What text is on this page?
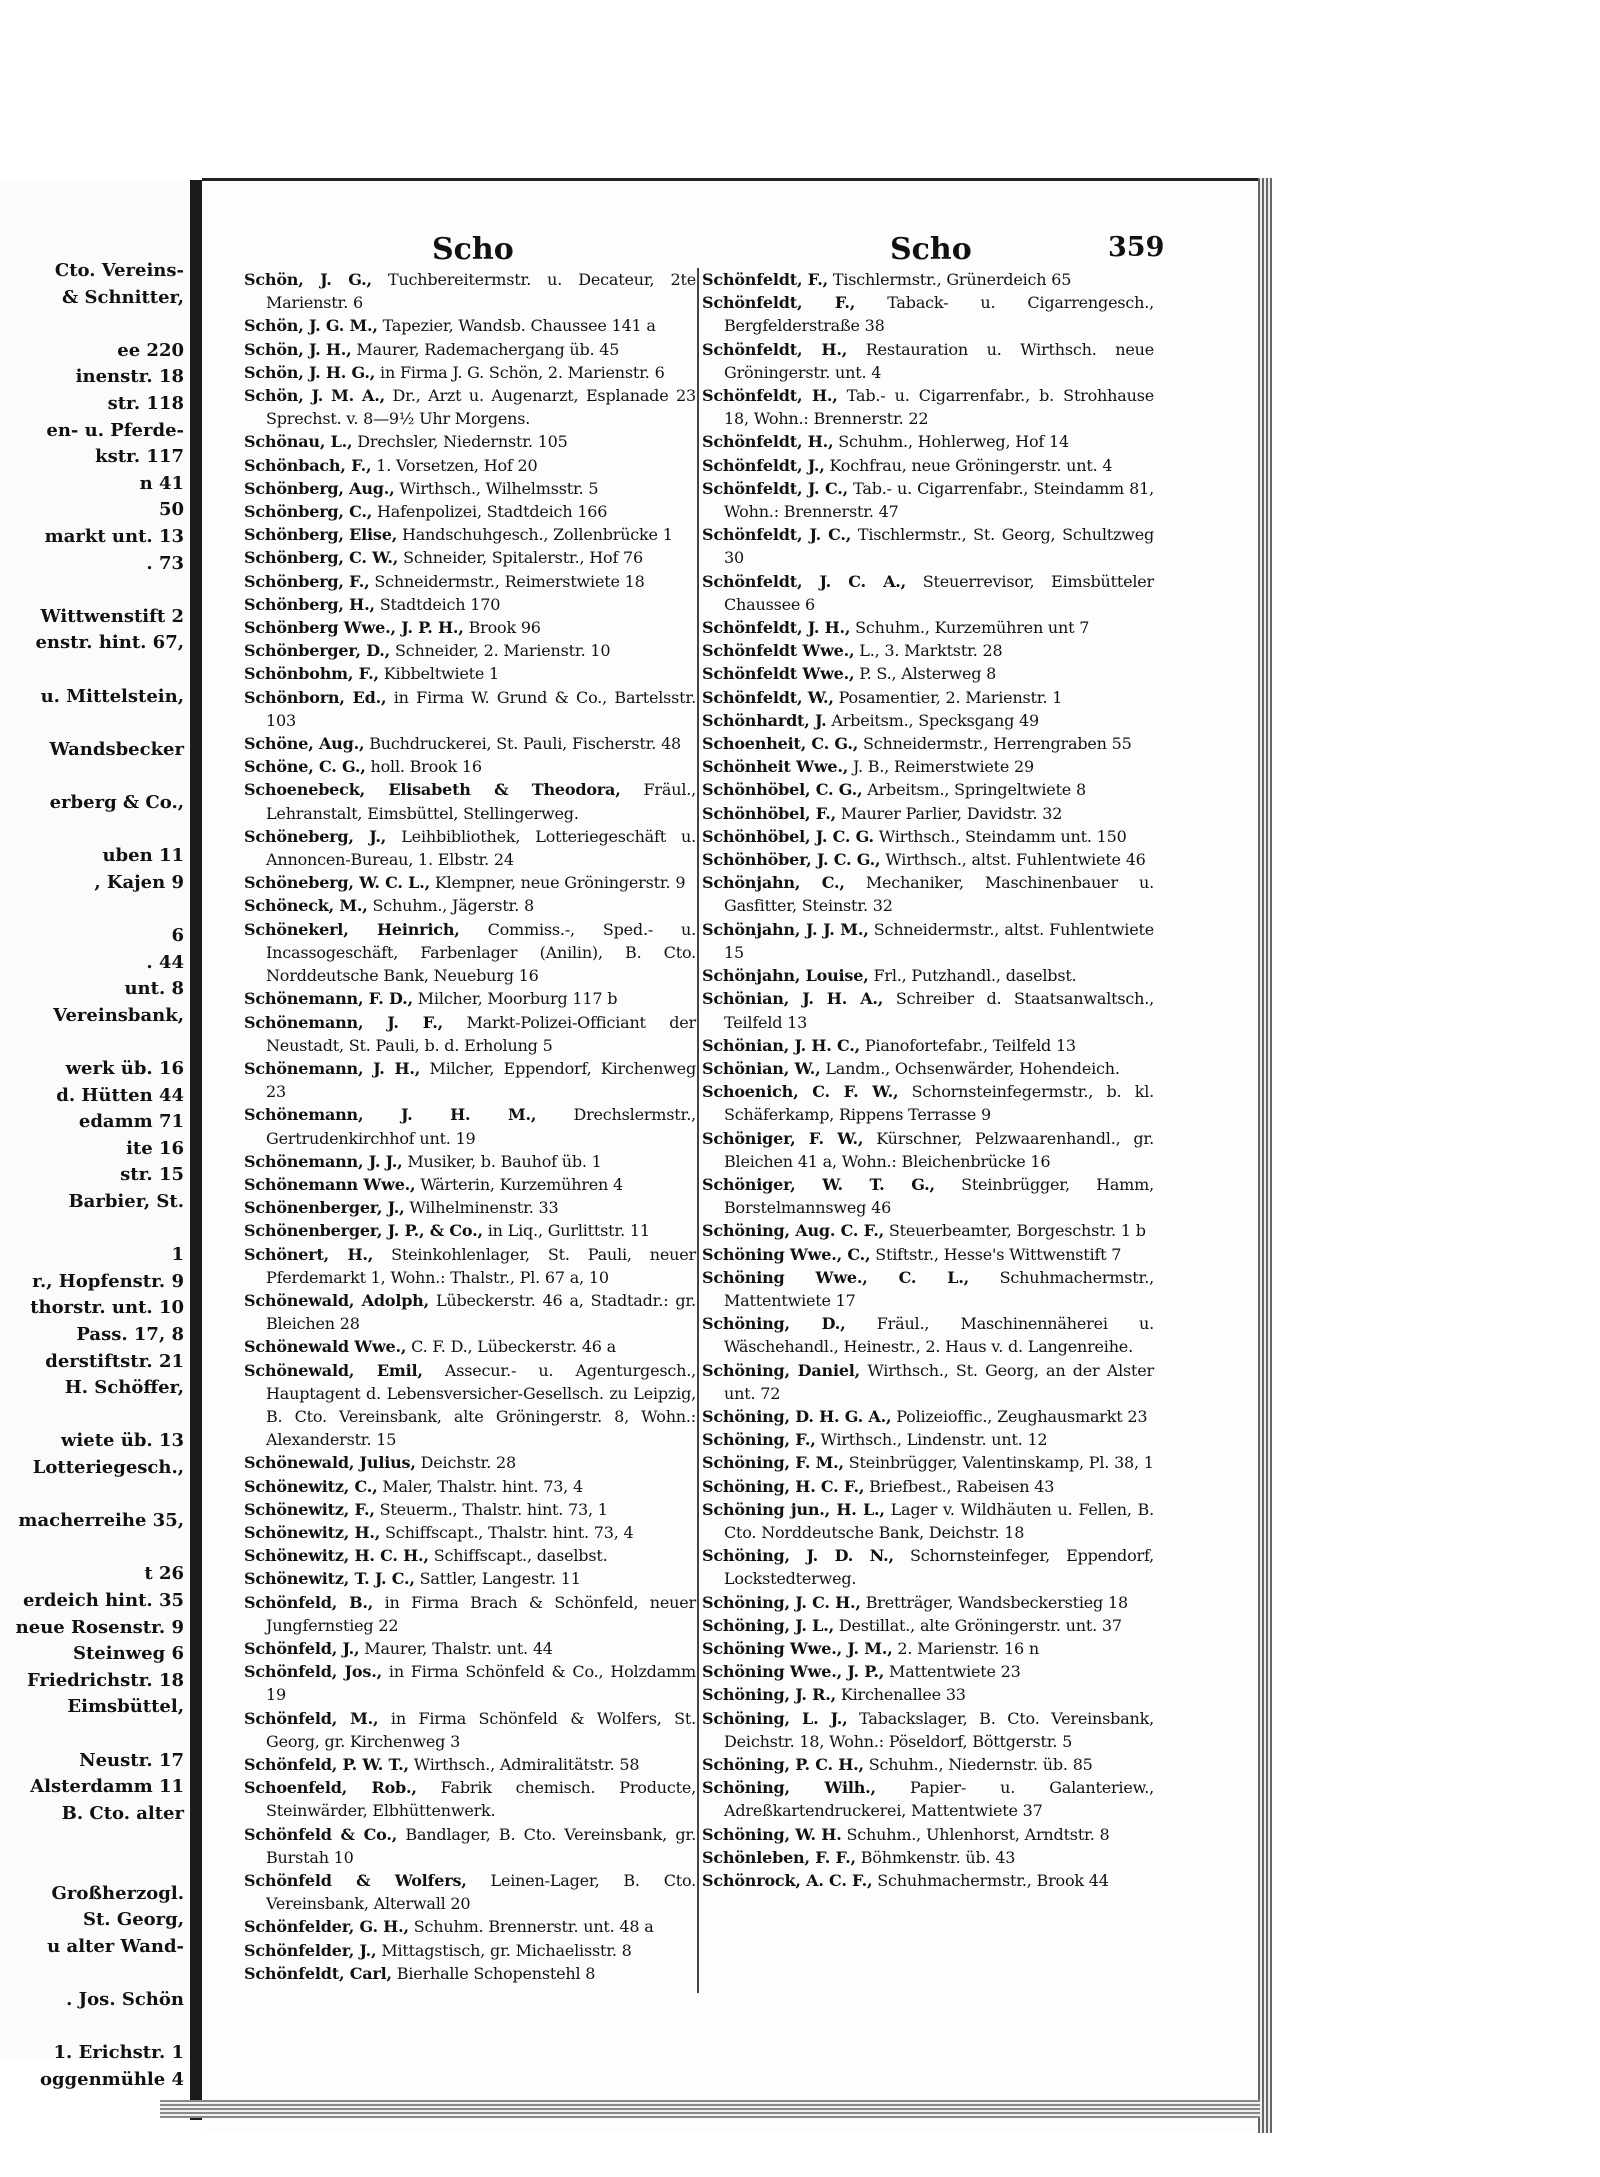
Cto. Vereins-
& Schnitter,
ee 220
inenstr. 18
str. 118
en- u. Pferde-
kstr. 117
n 41
50
markt unt. 13
. 73
Wittwenstift 2
enstr. hint. 67,
u. Mittelstein,
Wandsbecker
erberg & Co.,
uben 11
, Kajen 9
6
. 44
unt. 8
Vereinsbank,
werk üb. 16
d. Hütten 44
edamm 71
ite 16
str. 15
Barbier, St.
1
r., Hopfenstr. 9
thorstr. unt. 10
Pass. 17, 8
derstiftstr. 21
H. Schöffer,
wiete üb. 13
Lotteriegesch.,
macherreihe 35,
t 26
erdeich hint. 35
neue Rosenstr. 9
Steinweg 6
Friedrichstr. 18
Eimsbüttel,
Neustr. 17
Alsterdamm 11
B. Cto. alter
Großherzogl.
St. Georg,
u alter Wand-
. Jos. Schön
1. Erichstr. 1
oggenmühle 4
Scho	Scho	359

Schön, J. G., Tuchbereitermstr. u. Decateur, 2te Marienstr. 6

Schön, J. G. M., Tapezier, Wandsb. Chaussee 141 a

Schön, J. H., Maurer, Rademachergang üb. 45

Schön, J. H. G., in Firma J. G. Schön, 2. Marienstr. 6

Schön, J. M. A., Dr., Arzt u. Augenarzt, Esplanade 23 Sprechst. v. 8—9½ Uhr Morgens.

Schönau, L., Drechsler, Niedernstr. 105

Schönbach, F., 1. Vorsetzen, Hof 20

Schönberg, Aug., Wirthsch., Wilhelmsstr. 5

Schönberg, C., Hafenpolizei, Stadtdeich 166

Schönberg, Elise, Handschuhgesch., Zollenbrücke 1

Schönberg, C. W., Schneider, Spitalerstr., Hof 76

Schönberg, F., Schneidermstr., Reimerstwiete 18

Schönberg, H., Stadtdeich 170

Schönberg Wwe., J. P. H., Brook 96

Schönberger, D., Schneider, 2. Marienstr. 10

Schönbohm, F., Kibbeltwiete 1

Schönborn, Ed., in Firma W. Grund & Co., Bartelsstr. 103

Schöne, Aug., Buchdruckerei, St. Pauli, Fischerstr. 48

Schöne, C. G., holl. Brook 16

Schoenebeck, Elisabeth & Theodora, Fräul., Lehranstalt, Eimsbüttel, Stellingerweg.

Schöneberg, J., Leihbibliothek, Lotteriegeschäft u. Annoncen-Bureau, 1. Elbstr. 24

Schöneberg, W. C. L., Klempner, neue Gröningerstr. 9

Schöneck, M., Schuhm., Jägerstr. 8

Schönekerl, Heinrich, Commiss.-, Sped.- u. Incassogeschäft, Farbenlager (Anilin), B. Cto. Norddeutsche Bank, Neueburg 16

Schönemann, F. D., Milcher, Moorburg 117 b

Schönemann, J. F., Markt-Polizei-Officiant der Neustadt, St. Pauli, b. d. Erholung 5

Schönemann, J. H., Milcher, Eppendorf, Kirchenweg 23

Schönemann, J. H. M., Drechslermstr., Gertrudenkirchhof unt. 19

Schönemann, J. J., Musiker, b. Bauhof üb. 1

Schönemann Wwe., Wärterin, Kurzemühren 4

Schönenberger, J., Wilhelminenstr. 33

Schönenberger, J. P., & Co., in Liq., Gurlittstr. 11

Schönert, H., Steinkohlenlager, St. Pauli, neuer Pferdemarkt 1, Wohn.: Thalstr., Pl. 67 a, 10

Schönewald, Adolph, Lübeckerstr. 46 a, Stadtadr.: gr. Bleichen 28

Schönewald Wwe., C. F. D., Lübeckerstr. 46 a

Schönewald, Emil, Assecur.- u. Agenturgesch., Hauptagent d. Lebensversicher-Gesellsch. zu Leipzig, B. Cto. Vereinsbank, alte Gröningerstr. 8, Wohn.: Alexanderstr. 15

Schönewald, Julius, Deichstr. 28

Schönewitz, C., Maler, Thalstr. hint. 73, 4

Schönewitz, F., Steuerm., Thalstr. hint. 73, 1

Schönewitz, H., Schiffscapt., Thalstr. hint. 73, 4

Schönewitz, H. C. H., Schiffscapt., daselbst.

Schönewitz, T. J. C., Sattler, Langestr. 11

Schönfeld, B., in Firma Brach & Schönfeld, neuer Jungfernstieg 22

Schönfeld, J., Maurer, Thalstr. unt. 44

Schönfeld, Jos., in Firma Schönfeld & Co., Holzdamm 19

Schönfeld, M., in Firma Schönfeld & Wolfers, St. Georg, gr. Kirchenweg 3

Schönfeld, P. W. T., Wirthsch., Admiralitätstr. 58

Schoenfeld, Rob., Fabrik chemisch. Producte, Steinwärder, Elbhüttenwerk.

Schönfeld & Co., Bandlager, B. Cto. Vereinsbank, gr. Burstah 10

Schönfeld & Wolfers, Leinen-Lager, B. Cto. Vereinsbank, Alterwall 20

Schönfelder, G. H., Schuhm. Brennerstr. unt. 48 a

Schönfelder, J., Mittagstisch, gr. Michaelisstr. 8

Schönfeldt, Carl, Bierhalle Schopenstehl 8

Schönfeldt, F., Tischlermstr., Grünerdeich 65

Schönfeldt, F., Taback- u. Cigarrengesch., Bergfelderstraße 38

Schönfeldt, H., Restauration u. Wirthsch. neue Gröningerstr. unt. 4

Schönfeldt, H., Tab.- u. Cigarrenfabr., b. Strohhause 18, Wohn.: Brennerstr. 22

Schönfeldt, H., Schuhm., Hohlerweg, Hof 14

Schönfeldt, J., Kochfrau, neue Gröningerstr. unt. 4

Schönfeldt, J. C., Tab.- u. Cigarrenfabr., Steindamm 81, Wohn.: Brennerstr. 47

Schönfeldt, J. C., Tischlermstr., St. Georg, Schultzweg 30

Schönfeldt, J. C. A., Steuerrevisor, Eimsbütteler Chaussee 6

Schönfeldt, J. H., Schuhm., Kurzemühren unt 7

Schönfeldt Wwe., L., 3. Marktstr. 28

Schönfeldt Wwe., P. S., Alsterweg 8

Schönfeldt, W., Posamentier, 2. Marienstr. 1

Schönhardt, J. Arbeitsm., Specksgang 49

Schoenheit, C. G., Schneidermstr., Herrengraben 55

Schönheit Wwe., J. B., Reimerstwiete 29

Schönhöbel, C. G., Arbeitsm., Springeltwiete 8

Schönhöbel, F., Maurer Parlier, Davidstr. 32

Schönhöbel, J. C. G. Wirthsch., Steindamm unt. 150

Schönhöber, J. C. G., Wirthsch., altst. Fuhlentwiete 46

Schönjahn, C., Mechaniker, Maschinenbauer u. Gasfitter, Steinstr. 32

Schönjahn, J. J. M., Schneidermstr., altst. Fuhlentwiete 15

Schönjahn, Louise, Frl., Putzhandl., daselbst.

Schönian, J. H. A., Schreiber d. Staatsanwaltsch., Teilfeld 13

Schönian, J. H. C., Pianofortefabr., Teilfeld 13

Schönian, W., Landm., Ochsenwärder, Hohendeich.

Schoenich, C. F. W., Schornsteinfegermstr., b. kl. Schäferkamp, Rippens Terrasse 9

Schöniger, F. W., Kürschner, Pelzwaarenhandl., gr. Bleichen 41 a, Wohn.: Bleichenbrücke 16

Schöniger, W. T. G., Steinbrügger, Hamm, Borstelmannsweg 46

Schöning, Aug. C. F., Steuerbeamter, Borgeschstr. 1 b

Schöning Wwe., C., Stiftstr., Hesse's Wittwenstift 7

Schöning Wwe., C. L., Schuhmachermstr., Mattentwiete 17

Schöning, D., Fräul., Maschinennäherei u. Wäschehandl., Heinestr., 2. Haus v. d. Langenreihe.

Schöning, Daniel, Wirthsch., St. Georg, an der Alster unt. 72

Schöning, D. H. G. A., Polizeioffic., Zeughausmarkt 23

Schöning, F., Wirthsch., Lindenstr. unt. 12

Schöning, F. M., Steinbrügger, Valentinskamp, Pl. 38, 1

Schöning, H. C. F., Briefbest., Rabeisen 43

Schöning jun., H. L., Lager v. Wildhäuten u. Fellen, B. Cto. Norddeutsche Bank, Deichstr. 18

Schöning, J. D. N., Schornsteinfeger, Eppendorf, Lockstedterweg.

Schöning, J. C. H., Bretträger, Wandsbeckerstieg 18

Schöning, J. L., Destillat., alte Gröningerstr. unt. 37

Schöning Wwe., J. M., 2. Marienstr. 16 n

Schöning Wwe., J. P., Mattentwiete 23

Schöning, J. R., Kirchenallee 33

Schöning, L. J., Tabackslager, B. Cto. Vereinsbank, Deichstr. 18, Wohn.: Pöseldorf, Böttgerstr. 5

Schöning, P. C. H., Schuhm., Niedernstr. üb. 85

Schöning, Wilh., Papier- u. Galanteriew., Adreßkartendruckerei, Mattentwiete 37

Schöning, W. H. Schuhm., Uhlenhorst, Arndtstr. 8

Schönleben, F. F., Böhmkenstr. üb. 43

Schönrock, A. C. F., Schuhmachermstr., Brook 44
